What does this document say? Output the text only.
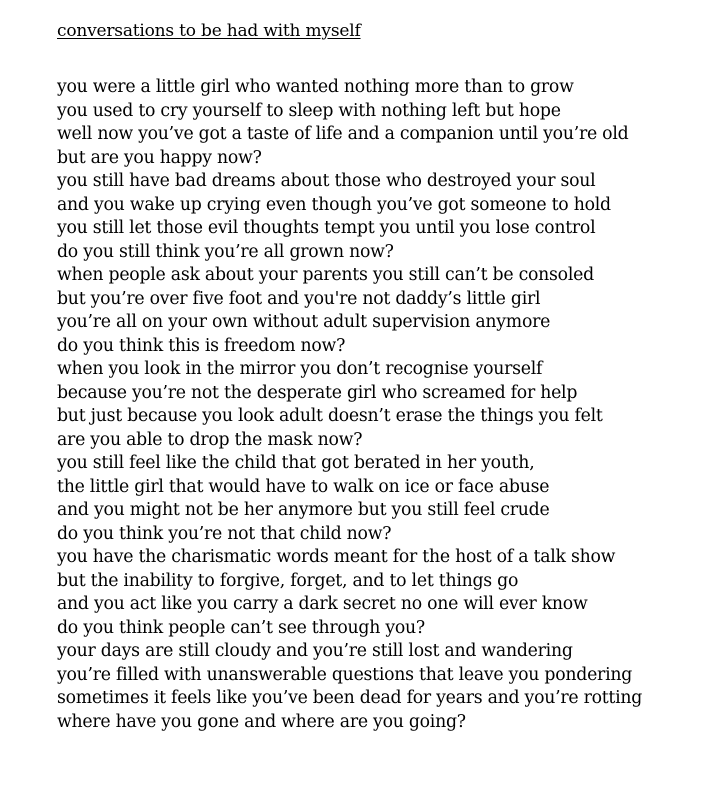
conversations to be had with myself
you were a little girl who wanted nothing more than to grow
you used to cry yourself to sleep with nothing left but hope
well now you’ve got a taste of life and a companion until you’re old
but are you happy now?
you still have bad dreams about those who destroyed your soul
and you wake up crying even though you’ve got someone to hold
you still let those evil thoughts tempt you until you lose control
do you still think you’re all grown now?
when people ask about your parents you still can’t be consoled
but you’re over five foot and you're not daddy’s little girl
you’re all on your own without adult supervision anymore
do you think this is freedom now?
when you look in the mirror you don’t recognise yourself
because you’re not the desperate girl who screamed for help
but just because you look adult doesn’t erase the things you felt
are you able to drop the mask now?
you still feel like the child that got berated in her youth,
the little girl that would have to walk on ice or face abuse
and you might not be her anymore but you still feel crude
do you think you’re not that child now?
you have the charismatic words meant for the host of a talk show
but the inability to forgive, forget, and to let things go
and you act like you carry a dark secret no one will ever know
do you think people can’t see through you?
your days are still cloudy and you’re still lost and wandering
you’re filled with unanswerable questions that leave you pondering
sometimes it feels like you’ve been dead for years and you’re rotting
where have you gone and where are you going?
